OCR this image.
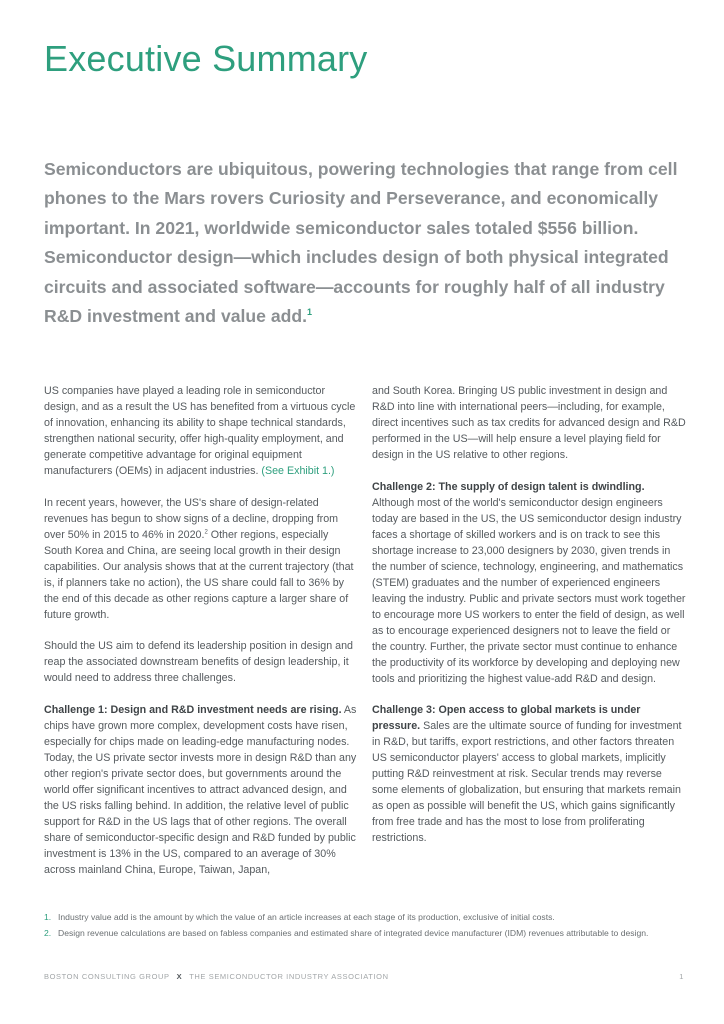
Executive Summary
Semiconductors are ubiquitous, powering technologies that range from cell phones to the Mars rovers Curiosity and Perseverance, and economically important. In 2021, worldwide semiconductor sales totaled $556 billion. Semiconductor design—which includes design of both physical integrated circuits and associated software—accounts for roughly half of all industry R&D investment and value add.$^1$

US companies have played a leading role in semiconductor design, and as a result the US has benefited from a virtuous cycle of innovation, enhancing its ability to shape technical standards, strengthen national security, offer high-quality employment, and generate competitive advantage for original equipment manufacturers (OEMs) in adjacent industries. (See Exhibit 1.)

In recent years, however, the US's share of design-related revenues has begun to show signs of a decline, dropping from over 50% in 2015 to 46% in 2020.$^2$ Other regions, especially South Korea and China, are seeing local growth in their design capabilities. Our analysis shows that at the current trajectory (that is, if planners take no action), the US share could fall to 36% by the end of this decade as other regions capture a larger share of future growth.

Should the US aim to defend its leadership position in design and reap the associated downstream benefits of design leadership, it would need to address three challenges.

Challenge 1: Design and R&D investment needs are rising. As chips have grown more complex, development costs have risen, especially for chips made on leading-edge manufacturing nodes. Today, the US private sector invests more in design R&D than any other region's private sector does, but governments around the world offer significant incentives to attract advanced design, and the US risks falling behind. In addition, the relative level of public support for R&D in the US lags that of other regions. The overall share of semiconductor-specific design and R&D funded by public investment is 13% in the US, compared to an average of 30% across mainland China, Europe, Taiwan, Japan,

and South Korea. Bringing US public investment in design and R&D into line with international peers—including, for example, direct incentives such as tax credits for advanced design and R&D performed in the US—will help ensure a level playing field for design in the US relative to other regions.

Challenge 2: The supply of design talent is dwindling. Although most of the world's semiconductor design engineers today are based in the US, the US semiconductor design industry faces a shortage of skilled workers and is on track to see this shortage increase to 23,000 designers by 2030, given trends in the number of science, technology, engineering, and mathematics (STEM) graduates and the number of experienced engineers leaving the industry. Public and private sectors must work together to encourage more US workers to enter the field of design, as well as to encourage experienced designers not to leave the field or the country. Further, the private sector must continue to enhance the productivity of its workforce by developing and deploying new tools and prioritizing the highest value-add R&D and design.

Challenge 3: Open access to global markets is under pressure. Sales are the ultimate source of funding for investment in R&D, but tariffs, export restrictions, and other factors threaten US semiconductor players' access to global markets, implicitly putting R&D reinvestment at risk. Secular trends may reverse some elements of globalization, but ensuring that markets remain as open as possible will benefit the US, which gains significantly from free trade and has the most to lose from proliferating restrictions.

1. Industry value add is the amount by which the value of an article increases at each stage of its production, exclusive of initial costs.
2. Design revenue calculations are based on fabless companies and estimated share of integrated device manufacturer (IDM) revenues attributable to design.
BOSTON CONSULTING GROUP X THE SEMICONDUCTOR INDUSTRY ASSOCIATION	1
